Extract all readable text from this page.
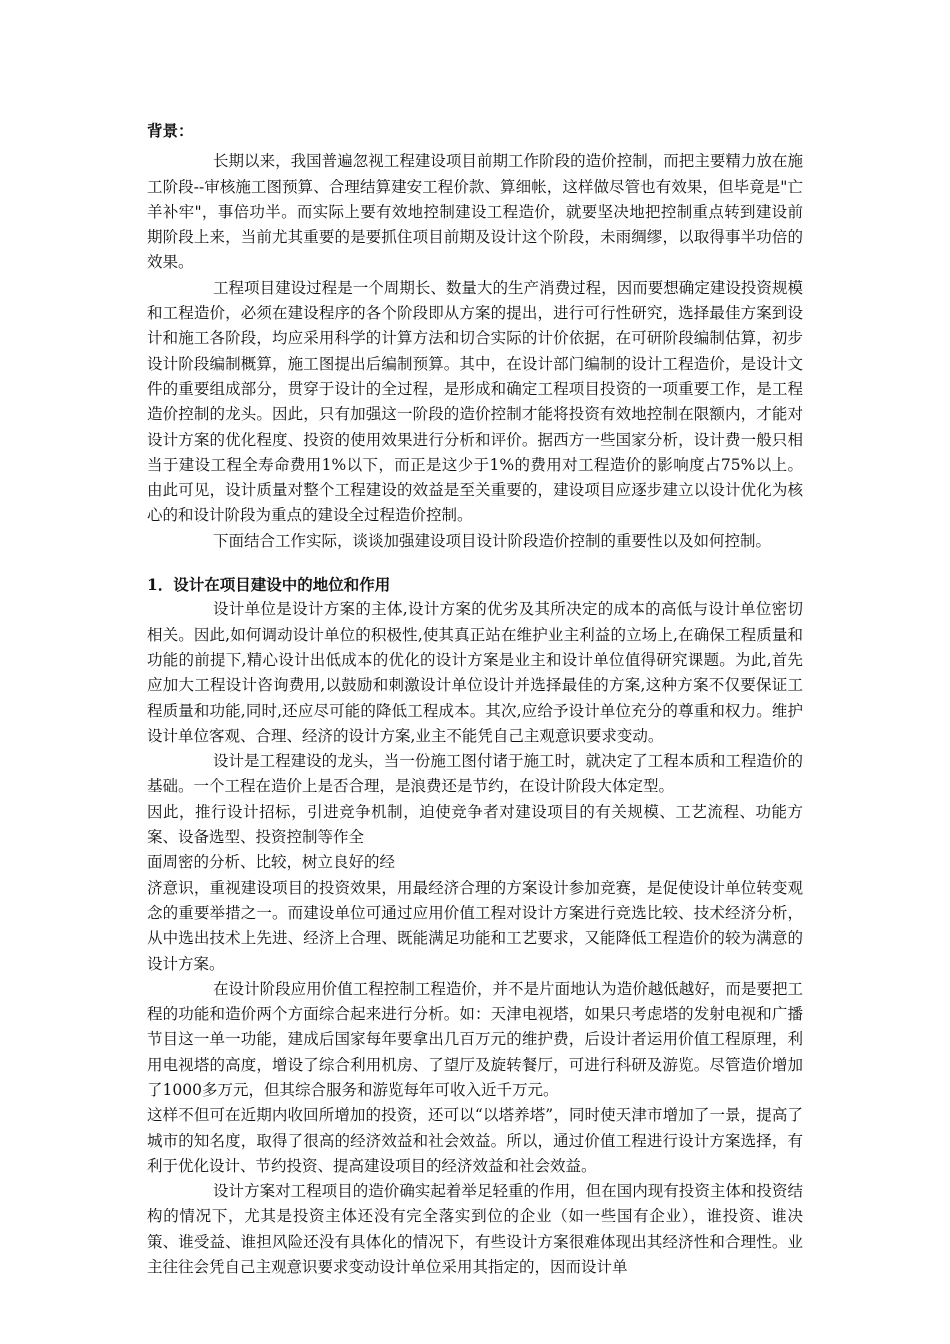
背景：

长期以来，我国普遍忽视工程建设项目前期工作阶段的造价控制，而把主要精力放在施工阶段--审核施工图预算、合理结算建安工程价款、算细帐，这样做尽管也有效果，但毕竟是"亡羊补牢"，事倍功半。而实际上要有效地控制建设工程造价，就要坚决地把控制重点转到建设前期阶段上来，当前尤其重要的是要抓住项目前期及设计这个阶段，未雨绸缪，以取得事半功倍的效果。

工程项目建设过程是一个周期长、数量大的生产消费过程，因而要想确定建设投资规模和工程造价，必须在建设程序的各个阶段即从方案的提出，进行可行性研究，选择最佳方案到设计和施工各阶段，均应采用科学的计算方法和切合实际的计价依据，在可研阶段编制估算，初步设计阶段编制概算，施工图提出后编制预算。其中，在设计部门编制的设计工程造价，是设计文件的重要组成部分，贯穿于设计的全过程，是形成和确定工程项目投资的一项重要工作，是工程造价控制的龙头。因此，只有加强这一阶段的造价控制才能将投资有效地控制在限额内，才能对设计方案的优化程度、投资的使用效果进行分析和评价。据西方一些国家分析，设计费一般只相当于建设工程全寿命费用1%以下，而正是这少于1%的费用对工程造价的影响度占75%以上。由此可见，设计质量对整个工程建设的效益是至关重要的，建设项目应逐步建立以设计优化为核心的和设计阶段为重点的建设全过程造价控制。

下面结合工作实际，谈谈加强建设项目设计阶段造价控制的重要性以及如何控制。

1．设计在项目建设中的地位和作用

设计单位是设计方案的主体,设计方案的优劣及其所决定的成本的高低与设计单位密切相关。因此,如何调动设计单位的积极性,使其真正站在维护业主利益的立场上,在确保工程质量和功能的前提下,精心设计出低成本的优化的设计方案是业主和设计单位值得研究课题。为此,首先应加大工程设计咨询费用,以鼓励和刺激设计单位设计并选择最佳的方案,这种方案不仅要保证工程质量和功能,同时,还应尽可能的降低工程成本。其次,应给予设计单位充分的尊重和权力。维护设计单位客观、合理、经济的设计方案,业主不能凭自己主观意识要求变动。

设计是工程建设的龙头，当一份施工图付诸于施工时，就决定了工程本质和工程造价的基础。一个工程在造价上是否合理，是浪费还是节约，在设计阶段大体定型。

因此，推行设计招标，引进竞争机制，迫使竞争者对建设项目的有关规模、工艺流程、功能方案、设备选型、投资控制等作全

面周密的分析、比较，树立良好的经

济意识，重视建设项目的投资效果，用最经济合理的方案设计参加竞赛，是促使设计单位转变观念的重要举措之一。而建设单位可通过应用价值工程对设计方案进行竞选比较、技术经济分析，从中选出技术上先进、经济上合理、既能满足功能和工艺要求，又能降低工程造价的较为满意的设计方案。

在设计阶段应用价值工程控制工程造价，并不是片面地认为造价越低越好，而是要把工程的功能和造价两个方面综合起来进行分析。如：天津电视塔，如果只考虑塔的发射电视和广播节目这一单一功能，建成后国家每年要拿出几百万元的维护费，后设计者运用价值工程原理，利用电视塔的高度，增设了综合利用机房、了望厅及旋转餐厅，可进行科研及游览。尽管造价增加了1000多万元，但其综合服务和游览每年可收入近千万元。

这样不但可在近期内收回所增加的投资，还可以“以塔养塔”，同时使天津市增加了一景，提高了城市的知名度，取得了很高的经济效益和社会效益。所以，通过价值工程进行设计方案选择，有利于优化设计、节约投资、提高建设项目的经济效益和社会效益。

设计方案对工程项目的造价确实起着举足轻重的作用，但在国内现有投资主体和投资结构的情况下，尤其是投资主体还没有完全落实到位的企业（如一些国有企业），谁投资、谁决策、谁受益、谁担风险还没有具体化的情况下，有些设计方案很难体现出其经济性和合理性。业主往往会凭自己主观意识要求变动设计单位采用其指定的，因而设计单
